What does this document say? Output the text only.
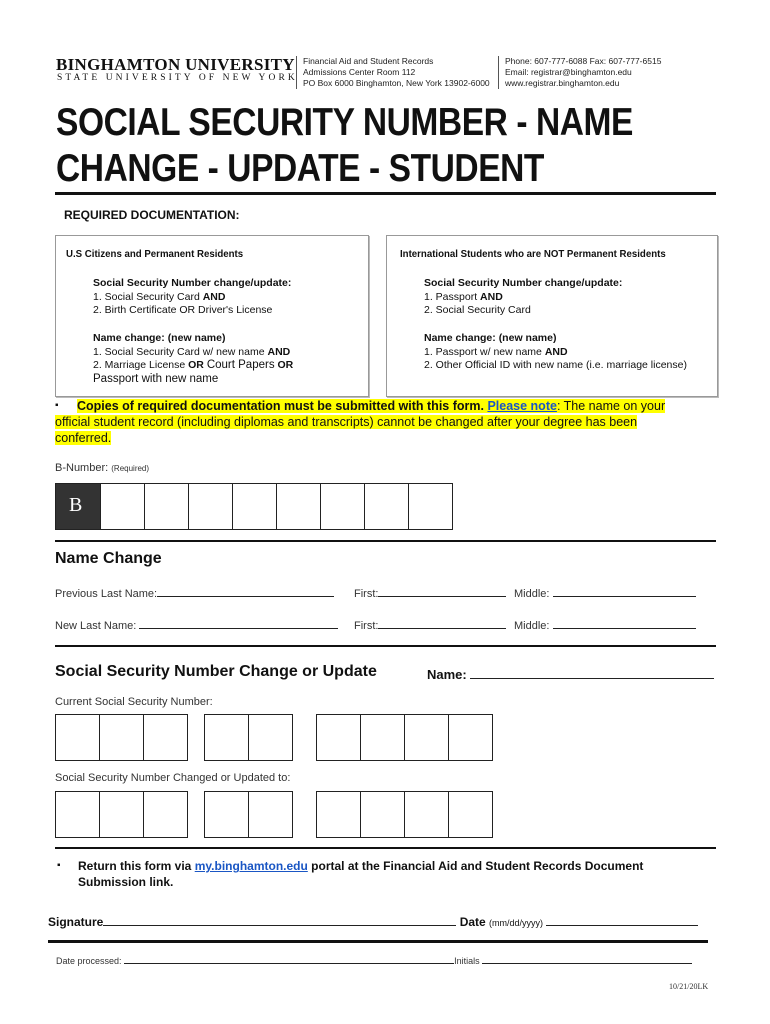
BINGHAMTON UNIVERSITY
STATE UNIVERSITY OF NEW YORK
Financial Aid and Student Records
Admissions Center Room 112
PO Box 6000 Binghamton, New York 13902-6000
Phone: 607-777-6088 Fax: 607-777-6515
Email: registrar@binghamton.edu
www.registrar.binghamton.edu
SOCIAL SECURITY NUMBER - NAME
CHANGE - UPDATE - STUDENT
REQUIRED DOCUMENTATION:
U.S Citizens and Permanent Residents
Social Security Number change/update:
1. Social Security Card AND
2. Birth Certificate OR Driver's License
Name change: (new name)
1. Social Security Card w/ new name AND
2. Marriage License OR Court Papers OR
Passport with new name
International Students who are NOT Permanent Residents
Social Security Number change/update:
1. Passport AND
2. Social Security Card
Name change: (new name)
1. Passport w/ new name AND
2. Other Official ID with new name (i.e. marriage license)
▪ Copies of required documentation must be submitted with this form. Please note: The name on your official student record (including diplomas and transcripts) cannot be changed after your degree has been conferred.
B-Number: (Required)
B
Name Change
Previous Last Name:	First:	Middle:
New Last Name:	First:	Middle:
Social Security Number Change or Update	Name:
Current Social Security Number:
Social Security Number Changed or Updated to:
▪ Return this form via my.binghamton.edu portal at the Financial Aid and Student Records Document Submission link.
Signature	Date (mm/dd/yyyy)
Date processed:	Initials
10/21/20LK
